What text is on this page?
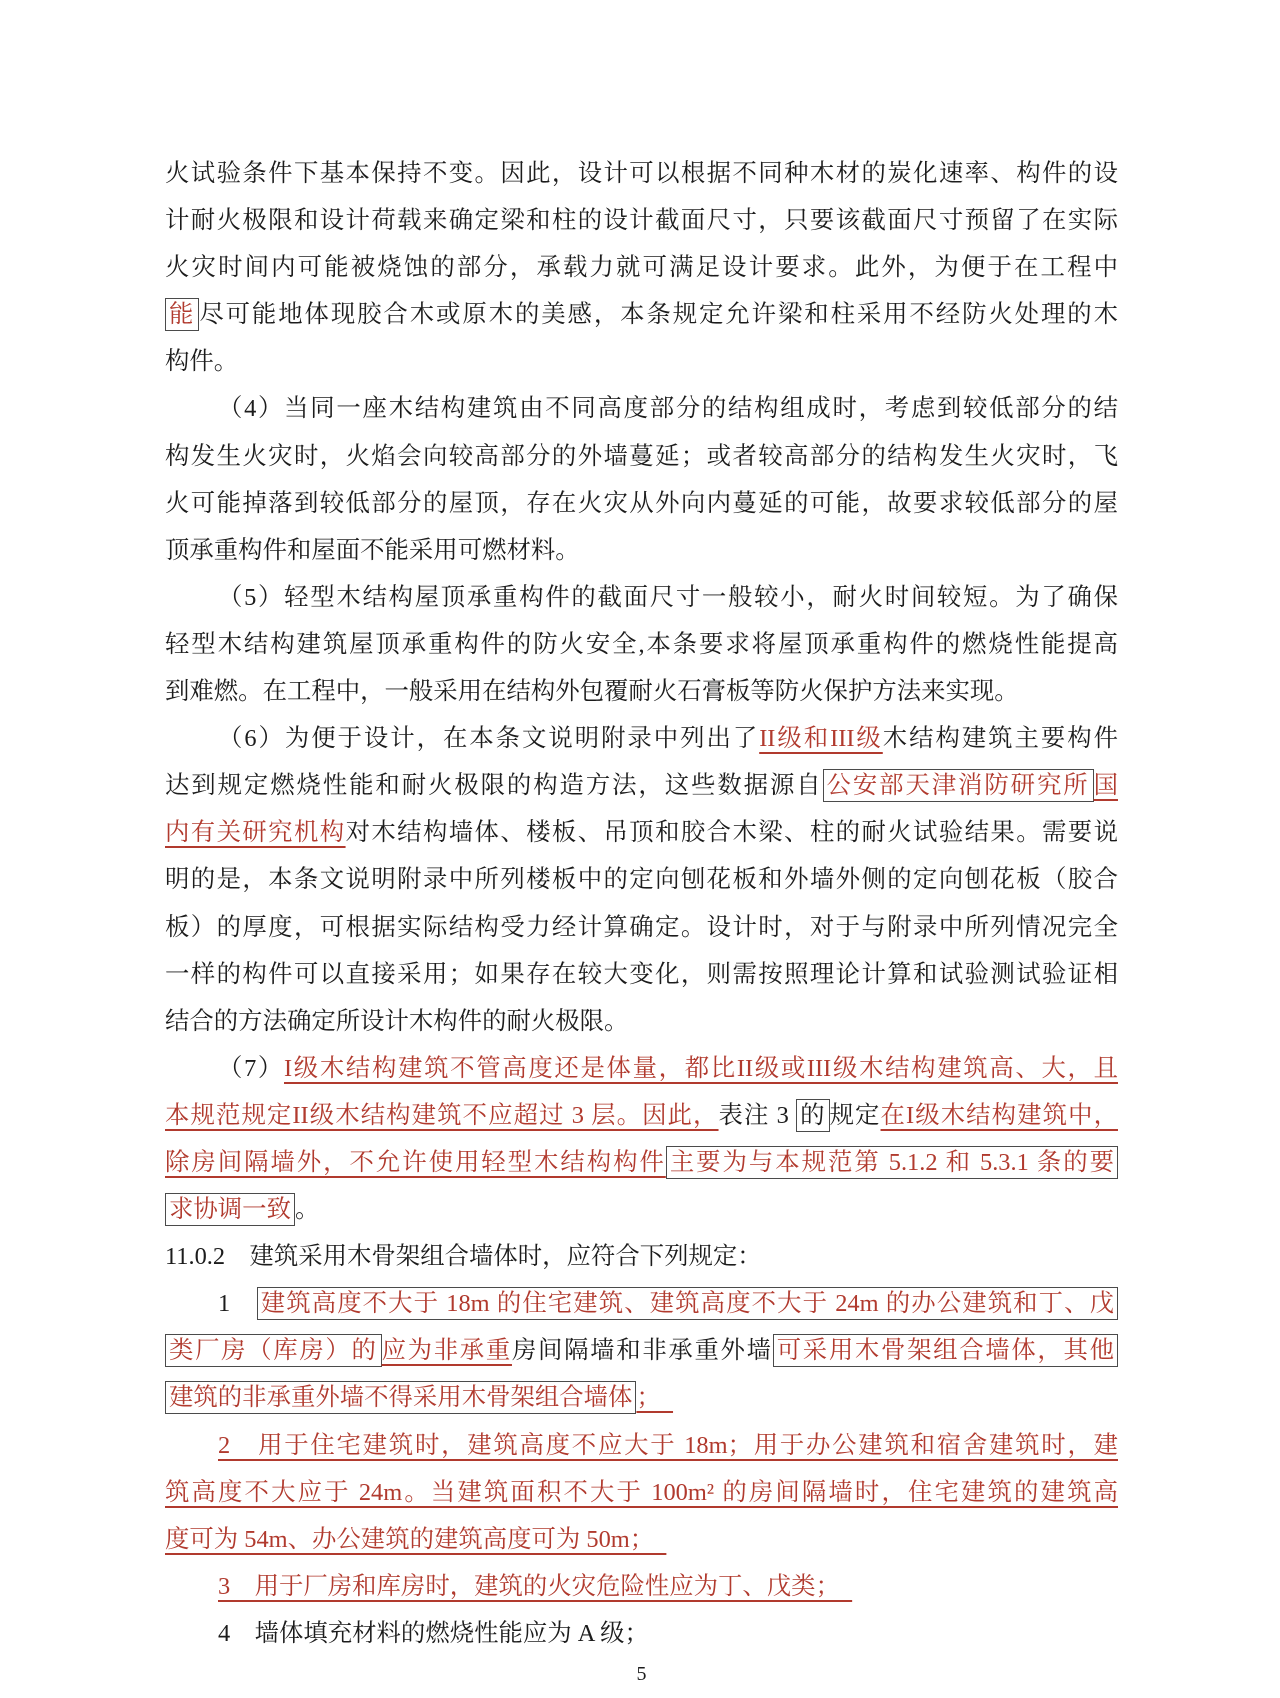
火试验条件下基本保持不变。因此，设计可以根据不同种木材的炭化速率、构件的设
计耐火极限和设计荷载来确定梁和柱的设计截面尺寸，只要该截面尺寸预留了在实际
火灾时间内可能被烧蚀的部分，承载力就可满足设计要求。此外，为便于在工程中
能 尽可能地体现胶合木或原木的美感，本条规定允许梁和柱采用不经防火处理的木
构件。
（4）当同一座木结构建筑由不同高度部分的结构组成时，考虑到较低部分的结
构发生火灾时，火焰会向较高部分的外墙蔓延；或者较高部分的结构发生火灾时，飞
火可能掉落到较低部分的屋顶，存在火灾从外向内蔓延的可能，故要求较低部分的屋
顶承重构件和屋面不能采用可燃材料。
（5）轻型木结构屋顶承重构件的截面尺寸一般较小，耐火时间较短。为了确保
轻型木结构建筑屋顶承重构件的防火安全,本条要求将屋顶承重构件的燃烧性能提高
到难燃。在工程中，一般采用在结构外包覆耐火石膏板等防火保护方法来实现。
（6）为便于设计，在本条文说明附录中列出了II级和III级木结构建筑主要构件
达到规定燃烧性能和耐火极限的构造方法，这些数据源自 公安部天津消防研究所 国
内有关研究机构对木结构墙体、楼板、吊顶和胶合木梁、柱的耐火试验结果。需要说
明的是，本条文说明附录中所列楼板中的定向刨花板和外墙外侧的定向刨花板（胶合
板）的厚度，可根据实际结构受力经计算确定。设计时，对于与附录中所列情况完全
一样的构件可以直接采用；如果存在较大变化，则需按照理论计算和试验测试验证相
结合的方法确定所设计木构件的耐火极限。
（7）I级木结构建筑不管高度还是体量，都比II级或III级木结构建筑高、大，且
本规范规定II级木结构建筑不应超过 3 层。因此，表注 3 的 规定在I级木结构建筑中，
除房间隔墙外，不允许使用轻型木结构构件 主要为与本规范第 5.1.2 和 5.3.1 条的要
求协调一致 。
11.0.2　建筑采用木骨架组合墙体时，应符合下列规定：
1　建筑高度不大于 18m 的住宅建筑、建筑高度不大于 24m 的办公建筑和丁、戊
类厂房（库房）的 应为非承重房间隔墙和非承重外墙 可采用木骨架组合墙体，其他
建筑的非承重外墙不得采用木骨架组合墙体 ；　
2　用于住宅建筑时，建筑高度不应大于 18m；用于办公建筑和宿舍建筑时，建
筑高度不大应于 24m。当建筑面积不大于 100m² 的房间隔墙时，住宅建筑的建筑高
度可为 54m、办公建筑的建筑高度可为 50m；　
3　用于厂房和库房时，建筑的火灾危险性应为丁、戊类；　
4　墙体填充材料的燃烧性能应为 A 级；
5
